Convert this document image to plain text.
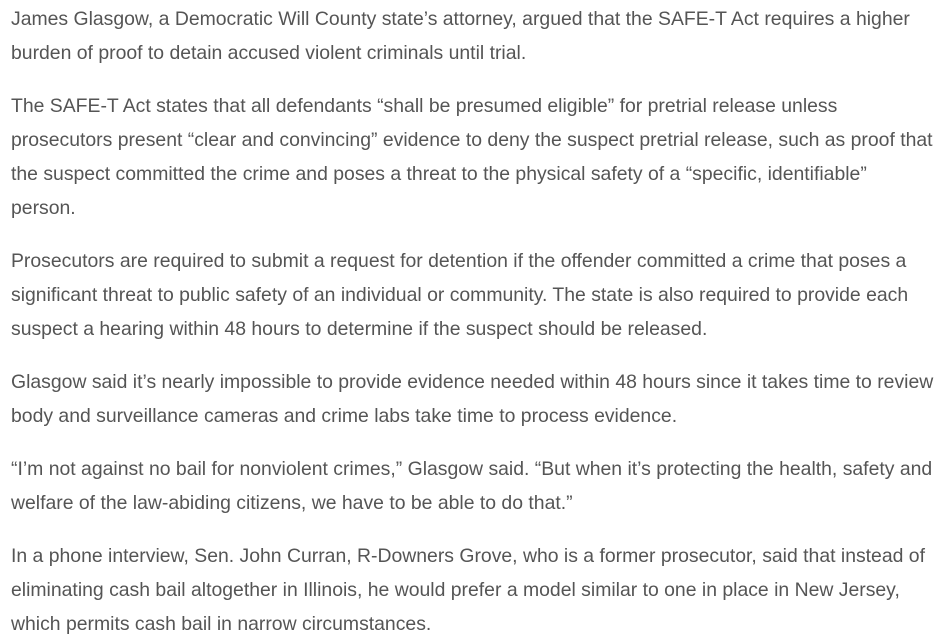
James Glasgow, a Democratic Will County state’s attorney, argued that the SAFE-T Act requires a higher burden of proof to detain accused violent criminals until trial.

The SAFE-T Act states that all defendants “shall be presumed eligible” for pretrial release unless prosecutors present “clear and convincing” evidence to deny the suspect pretrial release, such as proof that the suspect committed the crime and poses a threat to the physical safety of a “specific, identifiable” person.

Prosecutors are required to submit a request for detention if the offender committed a crime that poses a significant threat to public safety of an individual or community. The state is also required to provide each suspect a hearing within 48 hours to determine if the suspect should be released.

Glasgow said it’s nearly impossible to provide evidence needed within 48 hours since it takes time to review body and surveillance cameras and crime labs take time to process evidence.

“I’m not against no bail for nonviolent crimes,” Glasgow said. “But when it’s protecting the health, safety and welfare of the law-abiding citizens, we have to be able to do that.”

In a phone interview, Sen. John Curran, R-Downers Grove, who is a former prosecutor, said that instead of eliminating cash bail altogether in Illinois, he would prefer a model similar to one in place in New Jersey, which permits cash bail in narrow circumstances.
